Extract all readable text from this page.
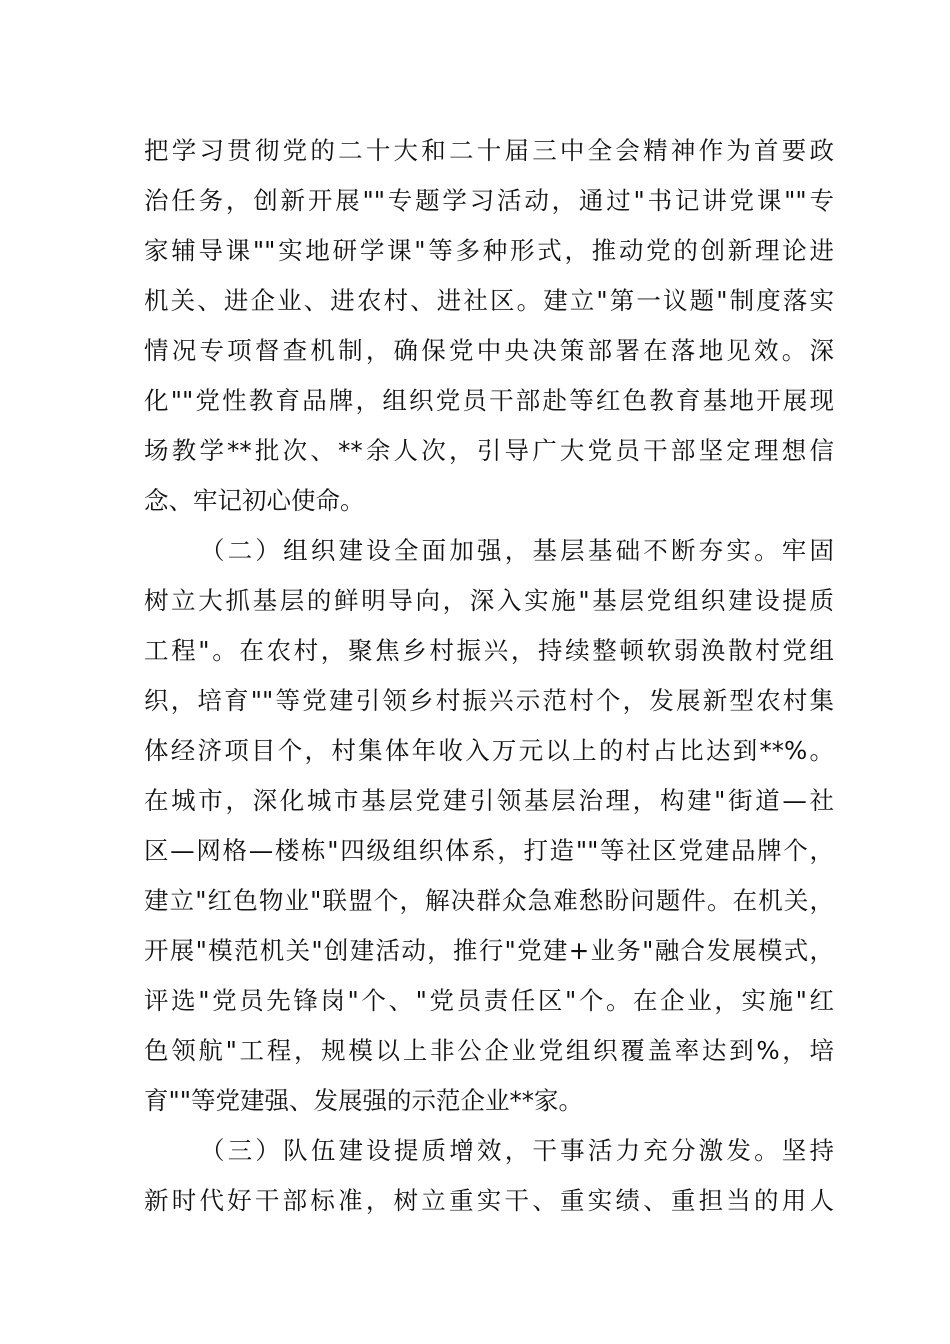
把学习贯彻党的二十大和二十届三中全会精神作为首要政
治任务，创新开展""专题学习活动，通过"书记讲党课""专
家辅导课""实地研学课"等多种形式，推动党的创新理论进
机关、进企业、进农村、进社区。建立"第一议题"制度落实
情况专项督查机制，确保党中央决策部署在落地见效。深
化""党性教育品牌，组织党员干部赴等红色教育基地开展现
场教学**批次、**余人次，引导广大党员干部坚定理想信
念、牢记初心使命。
（二）组织建设全面加强，基层基础不断夯实。牢固
树立大抓基层的鲜明导向，深入实施"基层党组织建设提质
工程"。在农村，聚焦乡村振兴，持续整顿软弱涣散村党组
织，培育""等党建引领乡村振兴示范村个，发展新型农村集
体经济项目个，村集体年收入万元以上的村占比达到**%。
在城市，深化城市基层党建引领基层治理，构建"街道—社
区—网格—楼栋"四级组织体系，打造""等社区党建品牌个，
建立"红色物业"联盟个，解决群众急难愁盼问题件。在机关，
开展"模范机关"创建活动，推行"党建+业务"融合发展模式，
评选"党员先锋岗"个、"党员责任区"个。在企业，实施"红
色领航"工程，规模以上非公企业党组织覆盖率达到%，培
育""等党建强、发展强的示范企业**家。
（三）队伍建设提质增效，干事活力充分激发。坚持
新时代好干部标准，树立重实干、重实绩、重担当的用人
